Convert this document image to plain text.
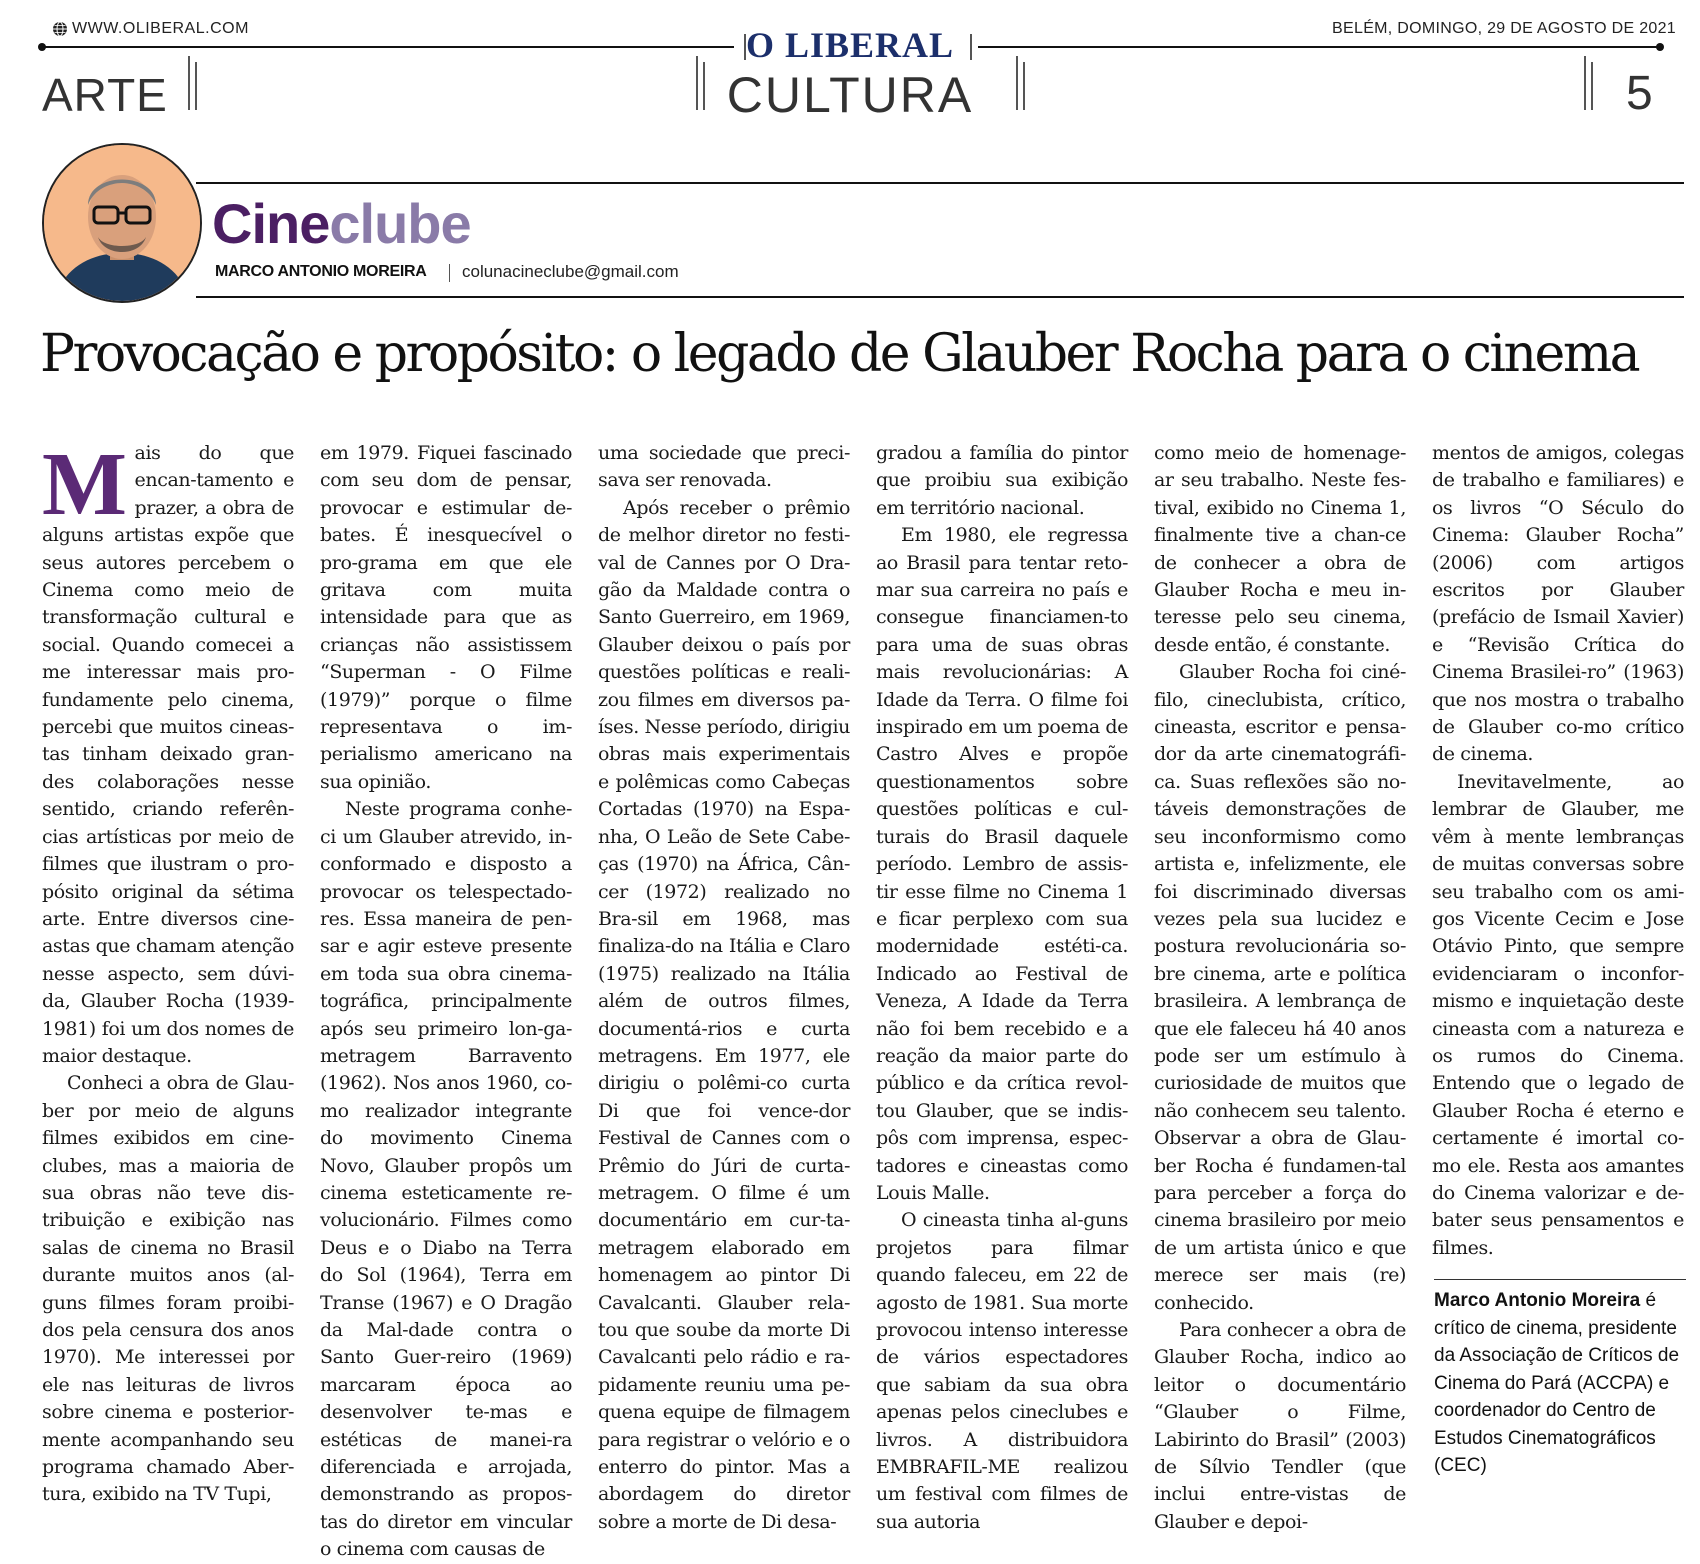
WWW.OLIBERAL.COM	BELÉM, DOMINGO, 29 DE AGOSTO DE 2021
O LIBERAL
ARTE	CULTURA	5
Cineclube
MARCO ANTONIO MOREIRA colunacineclube@gmail.com
Provocação e propósito: o legado de Glauber Rocha para o cinema

Mais do que encan-tamento e prazer, a obra de alguns artistas expõe que seus autores percebem o Cinema como meio de transformação cultural e social. Quando comecei a me interessar mais pro-fundamente pelo cinema, percebi que muitos cineas-tas tinham deixado gran-des colaborações nesse sentido, criando referên-cias artísticas por meio de filmes que ilustram o pro-pósito original da sétima arte. Entre diversos cine-astas que chamam atenção nesse aspecto, sem dúvi-da, Glauber Rocha (1939-1981) foi um dos nomes de maior destaque.

Conheci a obra de Glau-ber por meio de alguns filmes exibidos em cine-clubes, mas a maioria de sua obras não teve dis-tribuição e exibição nas salas de cinema no Brasil durante muitos anos (al-guns filmes foram proibi-dos pela censura dos anos 1970). Me interessei por ele nas leituras de livros sobre cinema e posterior-mente acompanhando seu programa chamado Aber-tura, exibido na TV Tupi,

em 1979. Fiquei fascinado com seu dom de pensar, provocar e estimular de-bates. É inesquecível o pro-grama em que ele gritava com muita intensidade para que as crianças não assistissem “Superman - O Filme (1979)” porque o filme representava o im-perialismo americano na sua opinião.

Neste programa conhe-ci um Glauber atrevido, in-conformado e disposto a provocar os telespectado-res. Essa maneira de pen-sar e agir esteve presente em toda sua obra cinema-tográfica, principalmente após seu primeiro lon-ga-metragem Barravento (1962). Nos anos 1960, co-mo realizador integrante do movimento Cinema Novo, Glauber propôs um cinema esteticamente re-volucionário. Filmes como Deus e o Diabo na Terra do Sol (1964), Terra em Transe (1967) e O Dragão da Mal-dade contra o Santo Guer-reiro (1969) marcaram época ao desenvolver te-mas e estéticas de manei-ra diferenciada e arrojada, demonstrando as propos-tas do diretor em vincular o cinema com causas de

uma sociedade que preci-sava ser renovada.

Após receber o prêmio de melhor diretor no festi-val de Cannes por O Dra-gão da Maldade contra o Santo Guerreiro, em 1969, Glauber deixou o país por questões políticas e reali-zou filmes em diversos pa-íses. Nesse período, dirigiu obras mais experimentais e polêmicas como Cabeças Cortadas (1970) na Espa-nha, O Leão de Sete Cabe-ças (1970) na África, Cân-cer (1972) realizado no Bra-sil em 1968, mas finaliza-do na Itália e Claro (1975) realizado na Itália além de outros filmes, documentá-rios e curta metragens. Em 1977, ele dirigiu o polêmi-co curta Di que foi vence-dor Festival de Cannes com o Prêmio do Júri de curta-metragem. O filme é um documentário em cur-ta-metragem elaborado em homenagem ao pintor Di Cavalcanti. Glauber rela-tou que soube da morte Di Cavalcanti pelo rádio e ra-pidamente reuniu uma pe-quena equipe de filmagem para registrar o velório e o enterro do pintor. Mas a abordagem do diretor sobre a morte de Di desa-

gradou a família do pintor que proibiu sua exibição em território nacional.

Em 1980, ele regressa ao Brasil para tentar reto-mar sua carreira no país e consegue financiamen-to para uma de suas obras mais revolucionárias: A Idade da Terra. O filme foi inspirado em um poema de Castro Alves e propõe questionamentos sobre questões políticas e cul-turais do Brasil daquele período. Lembro de assis-tir esse filme no Cinema 1 e ficar perplexo com sua modernidade estéti-ca. Indicado ao Festival de Veneza, A Idade da Terra não foi bem recebido e a reação da maior parte do público e da crítica revol-tou Glauber, que se indis-pôs com imprensa, espec-tadores e cineastas como Louis Malle.

O cineasta tinha al-guns projetos para filmar quando faleceu, em 22 de agosto de 1981. Sua morte provocou intenso interesse de vários espectadores que sabiam da sua obra apenas pelos cineclubes e livros. A distribuidora EMBRAFIL-ME realizou um festival com filmes de sua autoria

como meio de homenage-ar seu trabalho. Neste fes-tival, exibido no Cinema 1, finalmente tive a chan-ce de conhecer a obra de Glauber Rocha e meu in-teresse pelo seu cinema, desde então, é constante.

Glauber Rocha foi ciné-filo, cineclubista, crítico, cineasta, escritor e pensa-dor da arte cinematográfi-ca. Suas reflexões são no-táveis demonstrações de seu inconformismo como artista e, infelizmente, ele foi discriminado diversas vezes pela sua lucidez e postura revolucionária so-bre cinema, arte e política brasileira. A lembrança de que ele faleceu há 40 anos pode ser um estímulo à curiosidade de muitos que não conhecem seu talento. Observar a obra de Glau-ber Rocha é fundamen-tal para perceber a força do cinema brasileiro por meio de um artista único e que merece ser mais (re) conhecido.

Para conhecer a obra de Glauber Rocha, indico ao leitor o documentário “Glauber o Filme, Labirinto do Brasil” (2003) de Sílvio Tendler (que inclui entre-vistas de Glauber e depoi-

mentos de amigos, colegas de trabalho e familiares) e os livros “O Século do Cinema: Glauber Rocha” (2006) com artigos escritos por Glauber (prefácio de Ismail Xavier) e “Revisão Crítica do Cinema Brasilei-ro” (1963) que nos mostra o trabalho de Glauber co-mo crítico de cinema.

Inevitavelmente, ao lembrar de Glauber, me vêm à mente lembranças de muitas conversas sobre seu trabalho com os ami-gos Vicente Cecim e Jose Otávio Pinto, que sempre evidenciaram o inconfor-mismo e inquietação deste cineasta com a natureza e os rumos do Cinema. Entendo que o legado de Glauber Rocha é eterno e certamente é imortal co-mo ele. Resta aos amantes do Cinema valorizar e de-bater seus pensamentos e filmes.

Marco Antonio Moreira é crítico de cinema, presidente da Associação de Críticos de Cinema do Pará (ACCPA) e coordenador do Centro de Estudos Cinematográficos (CEC)
